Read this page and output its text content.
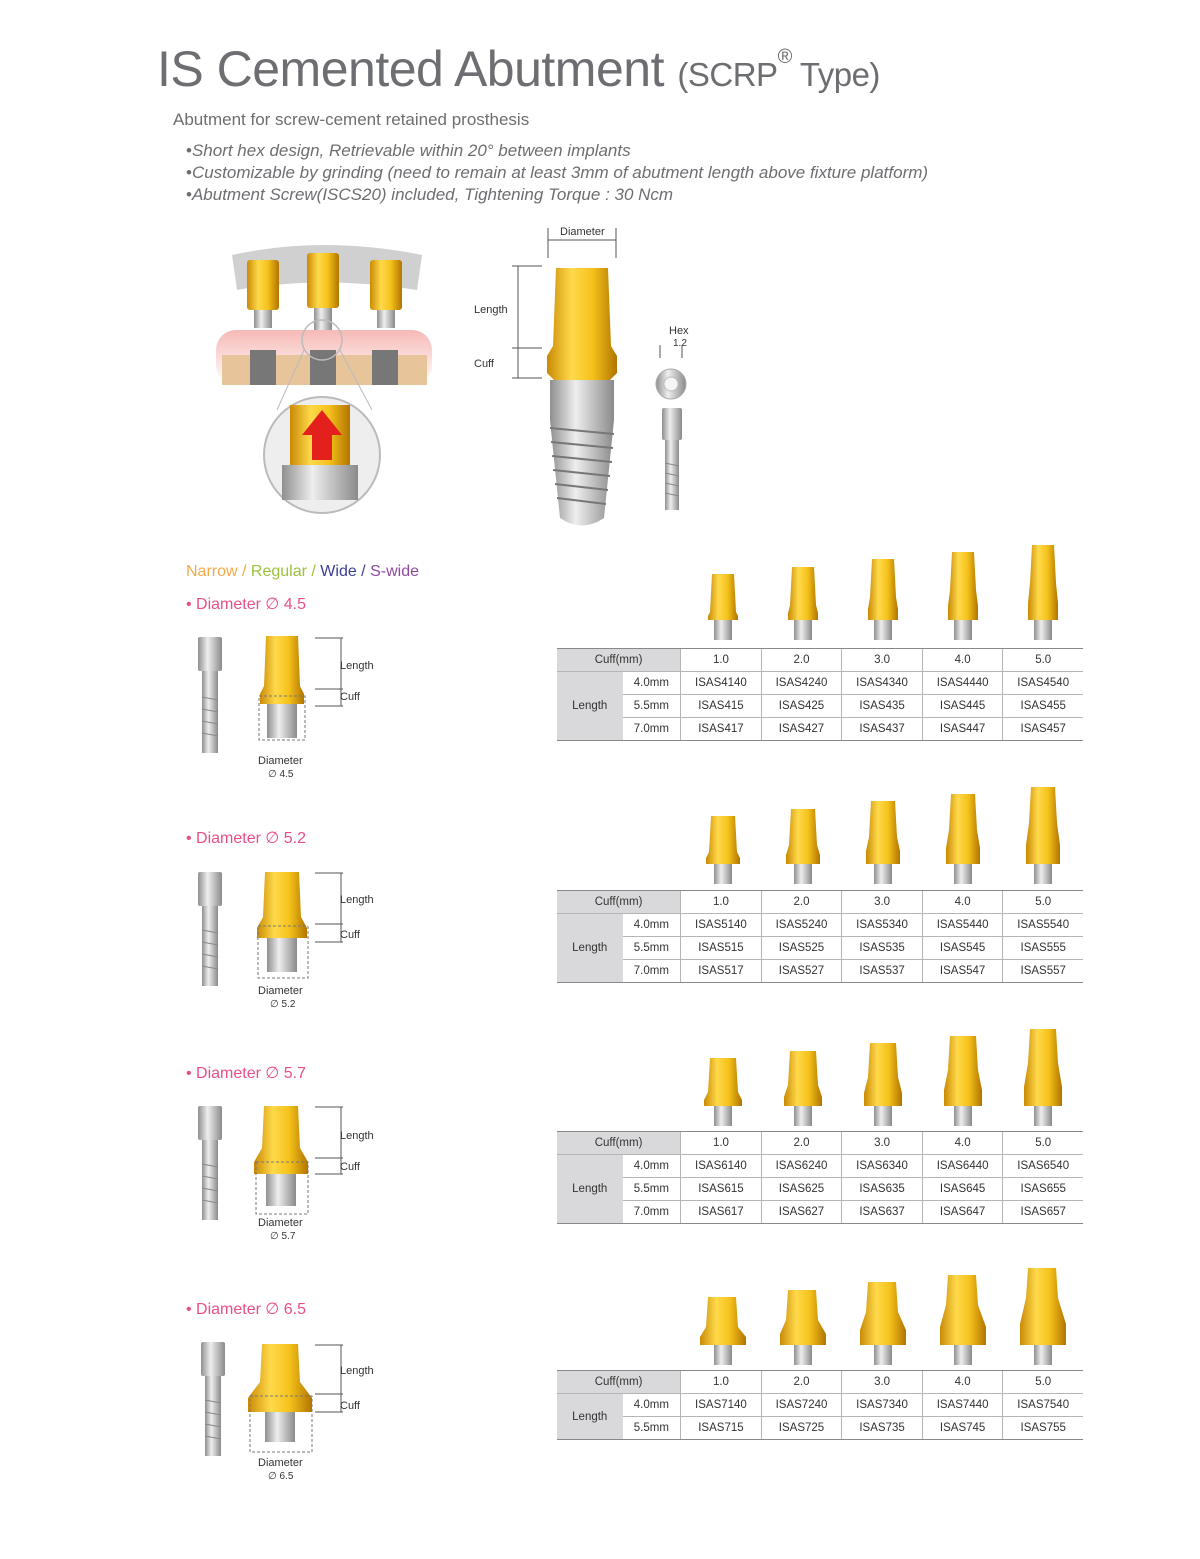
IS Cemented Abutment (SCRP® Type)
Abutment for screw-cement retained prosthesis
• Short hex design, Retrievable within 20° between implants
• Customizable by grinding (need to remain at least 3mm of abutment length above fixture platform)
• Abutment Screw(ISCS20) included, Tightening Torque : 30 Ncm
Diameter
Length
Cuff
Hex
1.2
Narrow / Regular / Wide / S-wide
• Diameter ∅ 4.5
Length
Cuff
Diameter
∅ 4.5
Cuff(mm)		1.0	2.0	3.0	4.0	5.0
Length	4.0mm	ISAS4140	ISAS4240	ISAS4340	ISAS4440	ISAS4540
	5.5mm	ISAS415	ISAS425	ISAS435	ISAS445	ISAS455
	7.0mm	ISAS417	ISAS427	ISAS437	ISAS447	ISAS457
• Diameter ∅ 5.2
Length
Cuff
Diameter
∅ 5.2
Cuff(mm)		1.0	2.0	3.0	4.0	5.0
Length	4.0mm	ISAS5140	ISAS5240	ISAS5340	ISAS5440	ISAS5540
	5.5mm	ISAS515	ISAS525	ISAS535	ISAS545	ISAS555
	7.0mm	ISAS517	ISAS527	ISAS537	ISAS547	ISAS557
• Diameter ∅ 5.7
Length
Cuff
Diameter
∅ 5.7
Cuff(mm)		1.0	2.0	3.0	4.0	5.0
Length	4.0mm	ISAS6140	ISAS6240	ISAS6340	ISAS6440	ISAS6540
	5.5mm	ISAS615	ISAS625	ISAS635	ISAS645	ISAS655
	7.0mm	ISAS617	ISAS627	ISAS637	ISAS647	ISAS657
• Diameter ∅ 6.5
Length
Cuff
Diameter
∅ 6.5
Cuff(mm)		1.0	2.0	3.0	4.0	5.0
Length	4.0mm	ISAS7140	ISAS7240	ISAS7340	ISAS7440	ISAS7540
	5.5mm	ISAS715	ISAS725	ISAS735	ISAS745	ISAS755
